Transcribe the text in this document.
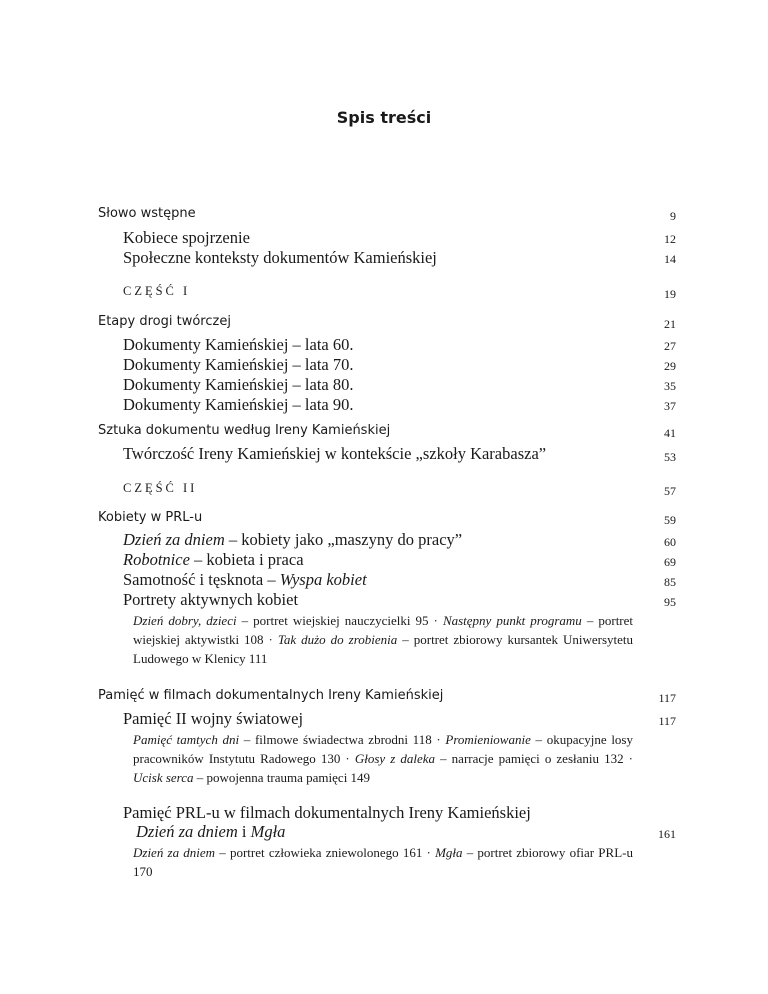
Spis treści
Słowo wstępne	9
Kobiece spojrzenie	12
Społeczne konteksty dokumentów Kamieńskiej	14
CZĘŚĆ I	19
Etapy drogi twórczej	21
Dokumenty Kamieńskiej – lata 60.	27
Dokumenty Kamieńskiej – lata 70.	29
Dokumenty Kamieńskiej – lata 80.	35
Dokumenty Kamieńskiej – lata 90.	37
Sztuka dokumentu według Ireny Kamieńskiej	41
Twórczość Ireny Kamieńskiej w kontekście „szkoły Karabasza”	53
CZĘŚĆ II	57
Kobiety w PRL-u	59
Dzień za dniem – kobiety jako „maszyny do pracy”	60
Robotnice – kobieta i praca	69
Samotność i tęsknota – Wyspa kobiet	85
Portrety aktywnych kobiet	95

Dzień dobry, dzieci – portret wiejskiej nauczycielki 95 · Następny punkt programu – portret wiejskiej aktywistki 108 · Tak dużo do zrobienia – portret zbiorowy kursantek Uniwersytetu Ludowego w Klenicy 111

Pamięć w filmach dokumentalnych Ireny Kamieńskiej	117
Pamięć II wojny światowej	117

Pamięć tamtych dni – filmowe świadectwa zbrodni 118 · Promieniowanie – okupacyjne losy pracowników Instytutu Radowego 130 · Głosy z daleka – narracje pamięci o zesłaniu 132 · Ucisk serca – powojenna trauma pamięci 149

Pamięć PRL-u w filmach dokumentalnych Ireny Kamieńskiej
Dzień za dniem i Mgła	161

Dzień za dniem – portret człowieka zniewolonego 161 · Mgła – portret zbiorowy ofiar PRL-u 170
